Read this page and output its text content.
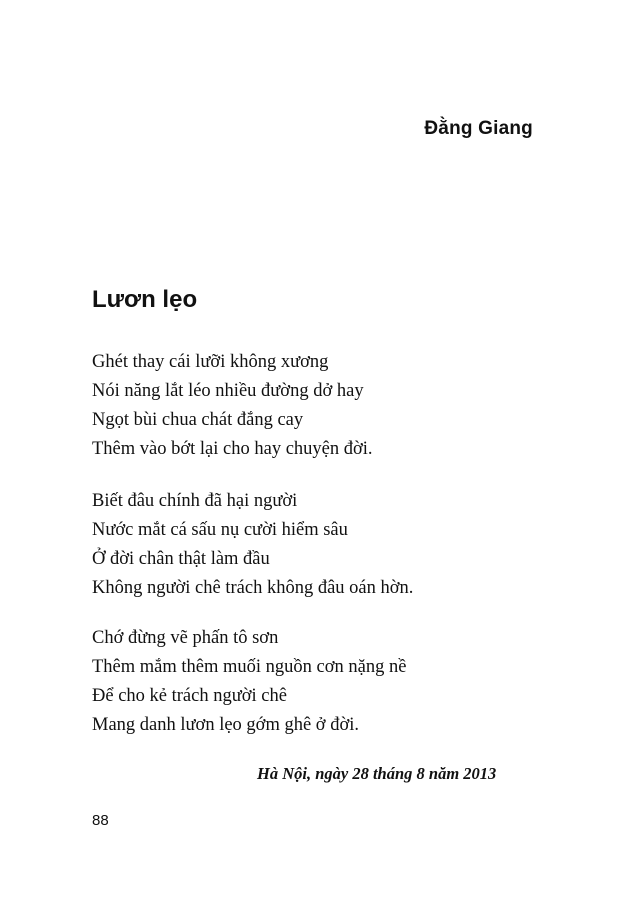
Đằng Giang
Lươn lẹo
Ghét thay cái lưỡi không xương
Nói năng lắt léo nhiều đường dở hay
Ngọt bùi chua chát đắng cay
Thêm vào bớt lại cho hay chuyện đời.
Biết đâu chính đã hại người
Nước mắt cá sấu nụ cười hiểm sâu
Ở đời chân thật làm đầu
Không người chê trách không đâu oán hờn.
Chớ đừng vẽ phấn tô sơn
Thêm mắm thêm muối nguồn cơn nặng nề
Để cho kẻ trách người chê
Mang danh lươn lẹo gớm ghê ở đời.
Hà Nội, ngày 28 tháng 8 năm 2013
88
